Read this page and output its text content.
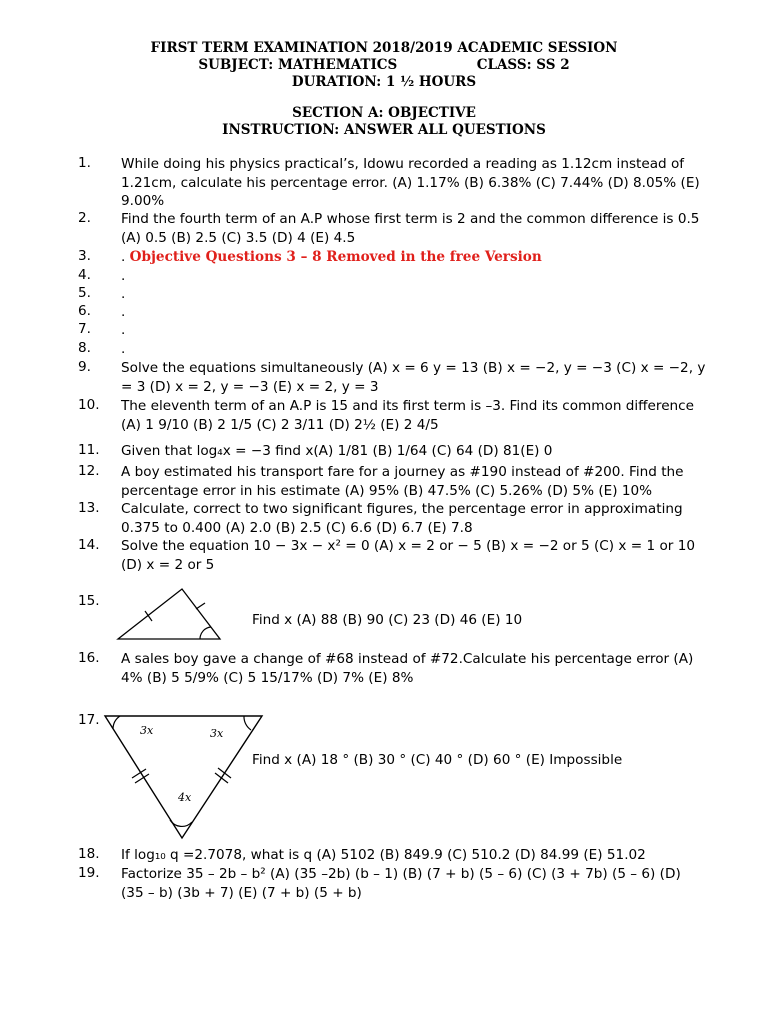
FIRST TERM EXAMINATION 2018/2019 ACADEMIC SESSION
SUBJECT: MATHEMATICS	CLASS: SS 2
DURATION: 1 ½ HOURS
SECTION A: OBJECTIVE
INSTRUCTION: ANSWER ALL QUESTIONS
1. While doing his physics practical’s, Idowu recorded a reading as 1.12cm instead of 1.21cm, calculate his percentage error. (A) 1.17% (B) 6.38% (C) 7.44% (D) 8.05% (E) 9.00%
2. Find the fourth term of an A.P whose first term is 2 and the common difference is 0.5 (A) 0.5 (B) 2.5 (C) 3.5 (D) 4 (E) 4.5
3. . Objective Questions 3 – 8 Removed in the free Version
4. .
5. .
6. .
7. .
8. .
9. Solve the equations simultaneously (A) x = 6 y = 13 (B) x = −2, y = −3 (C) x = −2, y = 3 (D) x = 2, y = −3 (E) x = 2, y = 3
10. The eleventh term of an A.P is 15 and its first term is –3. Find its common difference (A) 1 9/10 (B) 2 1/5 (C) 2 3/11 (D) 2½ (E) 2 4/5
11. Given that log₄x = −3 find x(A) 1/81 (B) 1/64 (C) 64 (D) 81(E) 0
12. A boy estimated his transport fare for a journey as #190 instead of #200. Find the percentage error in his estimate (A) 95% (B) 47.5% (C) 5.26% (D) 5% (E) 10%
13. Calculate, correct to two significant figures, the percentage error in approximating 0.375 to 0.400 (A) 2.0 (B) 2.5 (C) 6.6 (D) 6.7 (E) 7.8
14. Solve the equation 10 − 3x − x² = 0 (A) x = 2 or − 5 (B) x = −2 or 5 (C) x = 1 or 10 (D) x = 2 or 5
15.
Find x (A) 88 (B) 90 (C) 23 (D) 46 (E) 10
16. A sales boy gave a change of #68 instead of #72.Calculate his percentage error (A) 4% (B) 5 5/9% (C) 5 15/17% (D) 7% (E) 8%
17.
3x	3x
4x
Find x (A) 18 ° (B) 30 ° (C) 40 ° (D) 60 ° (E) Impossible
18. If log₁₀ q =2.7078, what is q (A) 5102 (B) 849.9 (C) 510.2 (D) 84.99 (E) 51.02
19. Factorize 35 – 2b – b² (A) (35 –2b) (b – 1) (B) (7 + b) (5 – 6) (C) (3 + 7b) (5 – 6) (D) (35 – b) (3b + 7) (E) (7 + b) (5 + b)
